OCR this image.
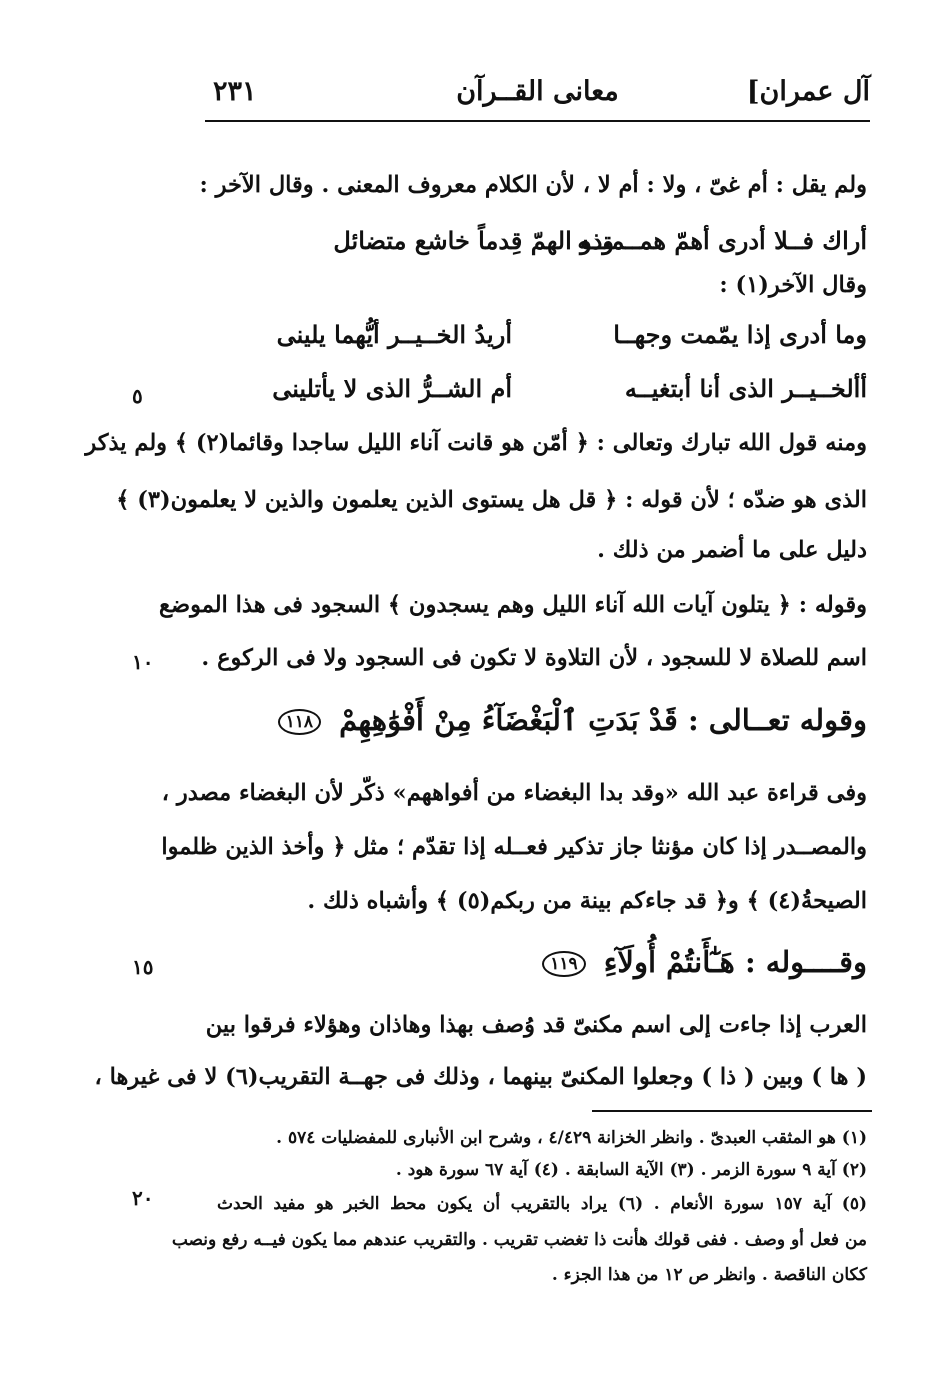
آل عمران]
معانى القــرآن
٢٣١
ولم يقل : أم غىّ ، ولا : أم لا ، لأن الكلام معروف المعنى . وقال الآخر :
أراك فــلا أدرى أهمّ همــمتــه
وذو الهمّ قِدماً خاشع متضائل
وقال الآخر(١) :
وما أدرى إذا يمّمت وجهــا
أريدُ الخــيــر أيُّهما يلينى
أألخــيــر الذى أنا أبتغيــه
أم الشــرُّ الذى لا يأتلينى
ومنه قول الله تبارك وتعالى : ﴿ أمّن هو قانت آناء الليل ساجدا وقائما(٢) ﴾ ولم يذكر
الذى هو ضدّه ؛ لأن قوله : ﴿ قل هل يستوى الذين يعلمون والذين لا يعلمون(٣) ﴾
دليل على ما أضمر من ذلك .
وقوله : ﴿ يتلون آيات الله آناء الليل وهم يسجدون ﴾ السجود فى هذا الموضع
اسم للصلاة لا للسجود ، لأن التلاوة لا تكون فى السجود ولا فى الركوع .
وقوله تعــالى : قَدْ بَدَتِ ٱلْبَغْضَآءُ مِنْ أَفْوَٰهِهِمْ ١١٨
وفى قراءة عبد الله «وقد بدا البغضاء من أفواههم» ذكّر لأن البغضاء مصدر ،
والمصــدر إذا كان مؤنثا جاز تذكير فعــله إذا تقدّم ؛ مثل ﴿ وأخذ الذين ظلموا
الصيحةُ(٤) ﴾ و﴿ قد جاءكم بينة من ربكم(٥) ﴾ وأشباه ذلك .
وقــــوله : هَـٰٓأَنتُمْ أُولَآءِ ١١٩
العرب إذا جاءت إلى اسم مكنىّ قد وُصف بهذا وهاذان وهؤلاء فرقوا بين
( ها ) وبين ( ذا ) وجعلوا المكنىّ بينهما ، وذلك فى جهــة التقريب(٦) لا فى غيرها ،
٥
١٠
١٥
٢٠
(١) هو المثقب العبدىّ . وانظر الخزانة ٤/٤٢٩ ، وشرح ابن الأنبارى للمفضليات ٥٧٤ .
(٢) آية ٩ سورة الزمر . (٣) الآية السابقة . (٤) آية ٦٧ سورة هود .
(٥) آية ١٥٧ سورة الأنعام . (٦) يراد بالتقريب أن يكون محط الخبر هو مفيد الحدث
من فعل أو وصف . ففى قولك هأنت ذا تغضب تقريب . والتقريب عندهم مما يكون فيــه رفع ونصب
ككان الناقصة . وانظر ص ١٢ من هذا الجزء .
